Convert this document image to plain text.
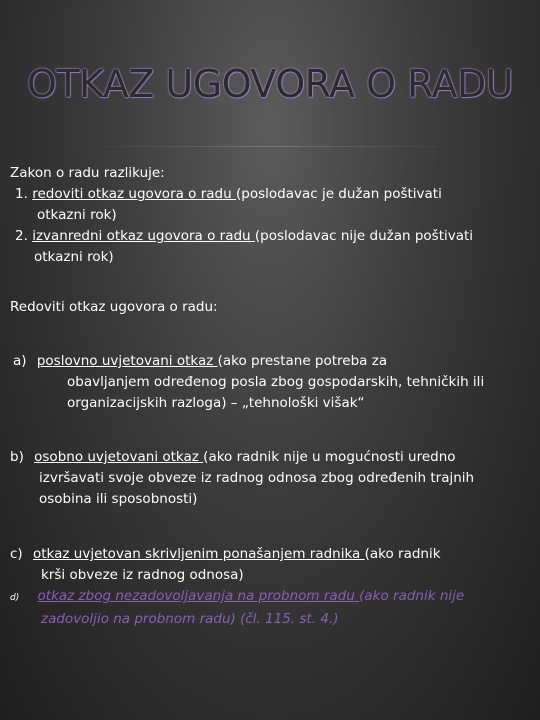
OTKAZ UGOVORA O RADU
Zakon o radu razlikuje:
1. redoviti otkaz ugovora o radu (poslodavac je dužan poštivati
otkazni rok)
2. izvanredni otkaz ugovora o radu (poslodavac nije dužan poštivati
otkazni rok)
Redoviti otkaz ugovora o radu:
a) poslovno uvjetovani otkaz (ako prestane potreba za
obavljanjem određenog posla zbog gospodarskih, tehničkih ili
organizacijskih razloga) – „tehnološki višak“
b) osobno uvjetovani otkaz (ako radnik nije u mogućnosti uredno
izvršavati svoje obveze iz radnog odnosa zbog određenih trajnih
osobina ili sposobnosti)
c) otkaz uvjetovan skrivljenim ponašanjem radnika (ako radnik
krši obveze iz radnog odnosa)
d) otkaz zbog nezadovoljavanja na probnom radu (ako radnik nije
zadovoljio na probnom radu) (čl. 115. st. 4.)
